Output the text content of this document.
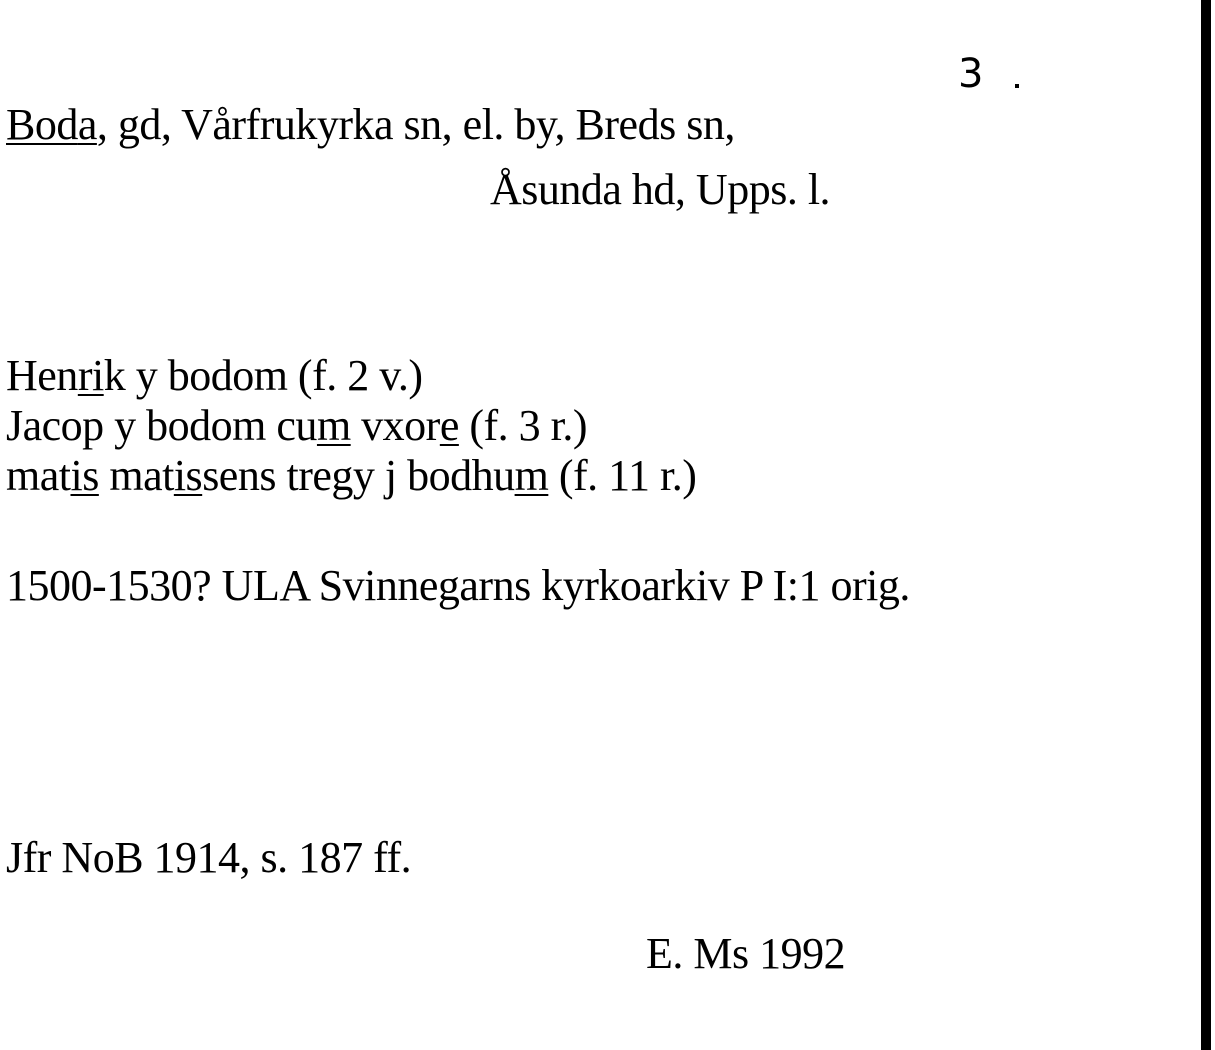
3
Boda, gd, Vårfrukyrka sn, el. by, Breds sn,
Åsunda hd, Upps. l.
Henrik y bodom (f. 2 v.)
Jacop y bodom cum vxore (f. 3 r.)
matis matissens tregy j bodhum (f. 11 r.)
1500-1530? ULA Svinnegarns kyrkoarkiv P I:1 orig.
Jfr NoB 1914, s. 187 ff.
E. Ms 1992
